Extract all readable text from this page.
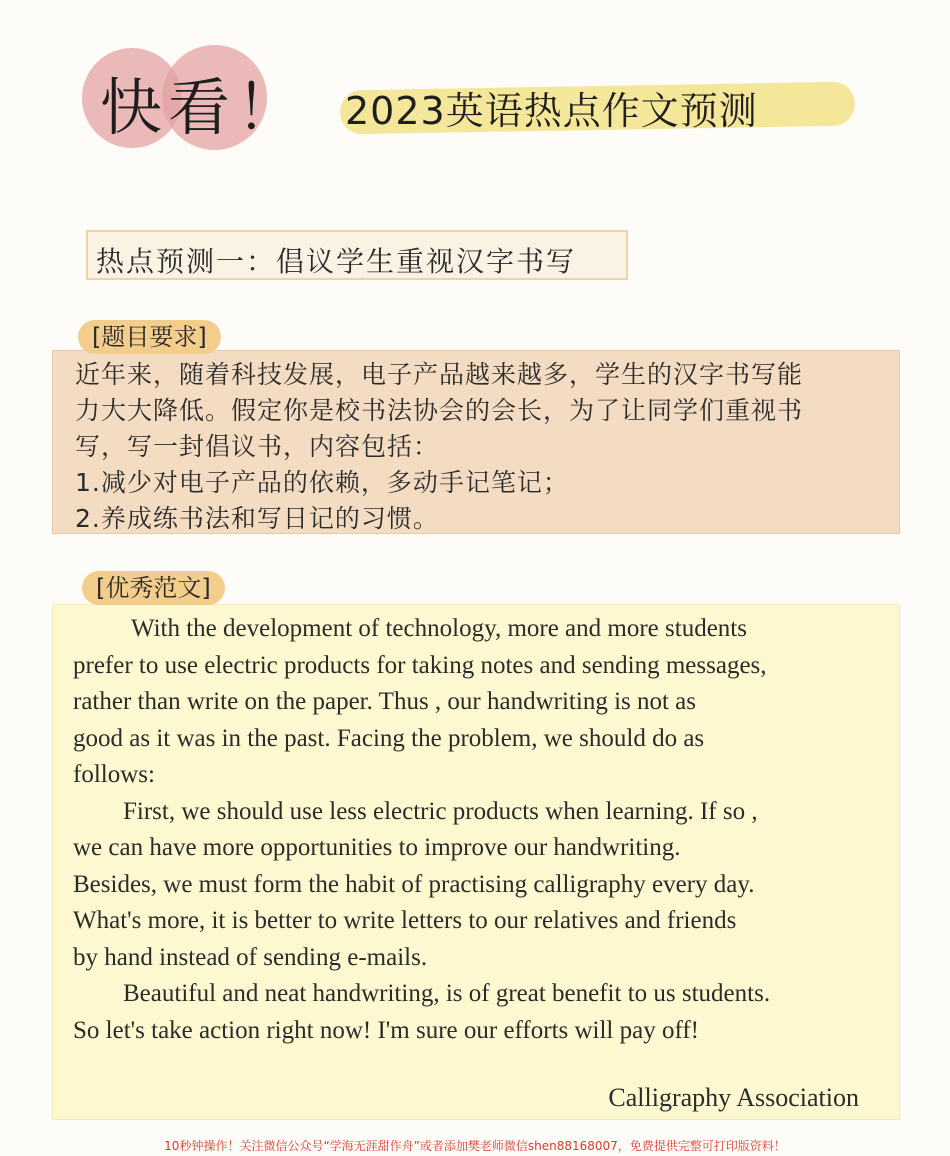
快看！ 2023英语热点作文预测
热点预测一：倡议学生重视汉字书写
近年来，随着科技发展，电子产品越来越多，学生的汉字书写能
力大大降低。假定你是校书法协会的会长，为了让同学们重视书
写，写一封倡议书，内容包括：
1.减少对电子产品的依赖，多动手记笔记；
2.养成练书法和写日记的习惯。
[题目要求]

With the development of technology, more and more students

prefer to use electric products for taking notes and sending messages,

rather than write on the paper. Thus , our handwriting is not as

good as it was in the past. Facing the problem, we should do as

follows:

First, we should use less electric products when learning. If so ,

we can have more opportunities to improve our handwriting.

Besides, we must form the habit of practising calligraphy every day.

What's more, it is better to write letters to our relatives and friends

by hand instead of sending e-mails.

Beautiful and neat handwriting, is of great benefit to us students.

So let's take action right now! I'm sure our efforts will pay off!

Calligraphy Association
[优秀范文]
10秒钟操作！关注微信公众号“学海无涯甜作舟”或者添加樊老师微信shen88168007，免费提供完整可打印版资料！
